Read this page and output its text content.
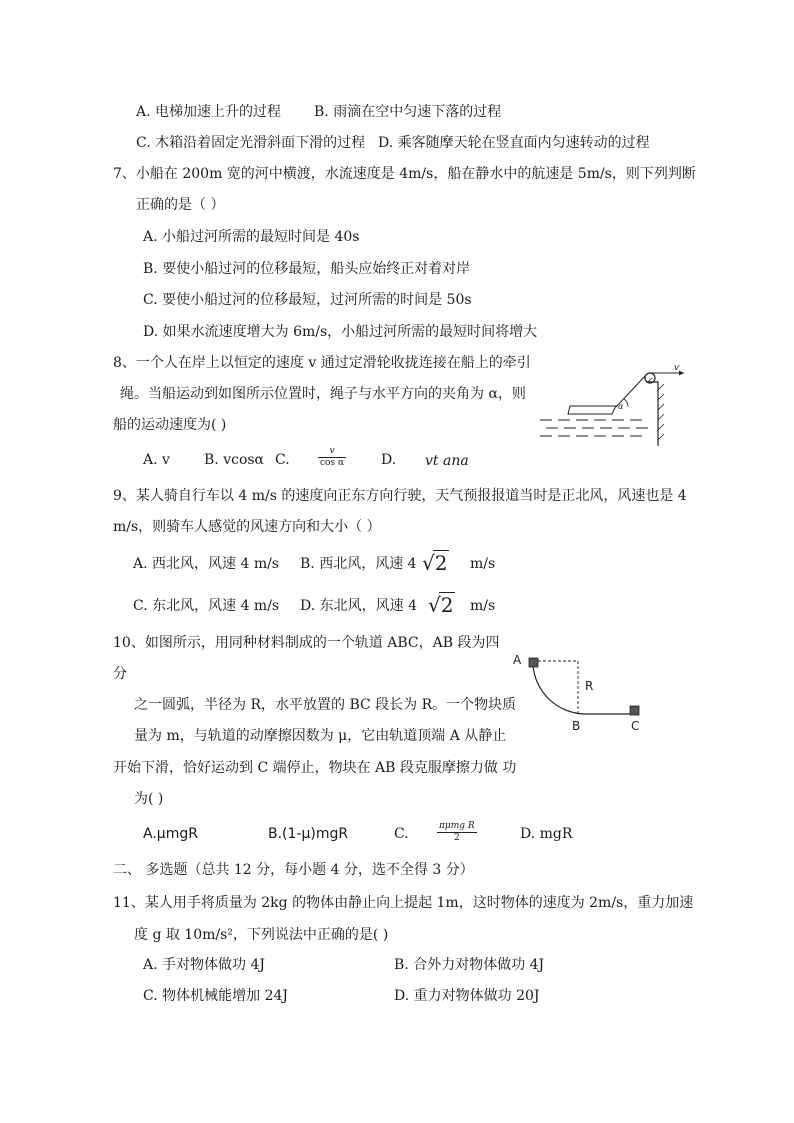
A. 电梯加速上升的过程 B. 雨滴在空中匀速下落的过程
C. 木箱沿着固定光滑斜面下滑的过程 D. 乘客随摩天轮在竖直面内匀速转动的过程
7、小船在 200m 宽的河中横渡，水流速度是 4m/s，船在静水中的航速是 5m/s，则下列判断
正确的是（ ）
A. 小船过河所需的最短时间是 40s
B. 要使小船过河的位移最短，船头应始终正对着对岸
C. 要使小船过河的位移最短，过河所需的时间是 50s
D. 如果水流速度增大为 6m/s，小船过河所需的最短时间将增大
8、一个人在岸上以恒定的速度 v 通过定滑轮收拢连接在船上的牵引
绳。当船运动到如图所示位置时，绳子与水平方向的夹角为 α，则
船的运动速度为( )
α
v
A. v B. vcosα C.	$\frac{v}{\text{cos α}} D$. vt ana
9、某人骑自行车以 4 m/s 的速度向正东方向行驶，天气预报报道当时是正北风，风速也是 4
m/s，则骑车人感觉的风速方向和大小（ ）
A. 西北风，风速 4 m/s B. 西北风，风速 4 √2 m/s
C. 东北风，风速 4 m/s D. 东北风，风速 4 √2 m/s
10、如图所示，用同种材料制成的一个轨道 ABC，AB 段为四
分
之一圆弧，半径为 R，水平放置的 BC 段长为 R。一个物块质
量为 m，与轨道的动摩擦因数为 μ，它由轨道顶端 A 从静止
开始下滑，恰好运动到 C 端停止，物块在 AB 段克服摩擦力做 功
为( )
A
B	C
R
A.μmgR	B.(1-μ)mgR	C.	πμmg R
2	D. mgR
二、 多选题（总共 12 分，每小题 4 分，选不全得 3 分）
11、某人用手将质量为 2kg 的物体由静止向上提起 1m，这时物体的速度为 2m/s，重力加速
度 g 取 10m/s²，下列说法中正确的是( )
A. 手对物体做功 4J	B. 合外力对物体做功 4J
C. 物体机械能增加 24J	D. 重力对物体做功 20J
